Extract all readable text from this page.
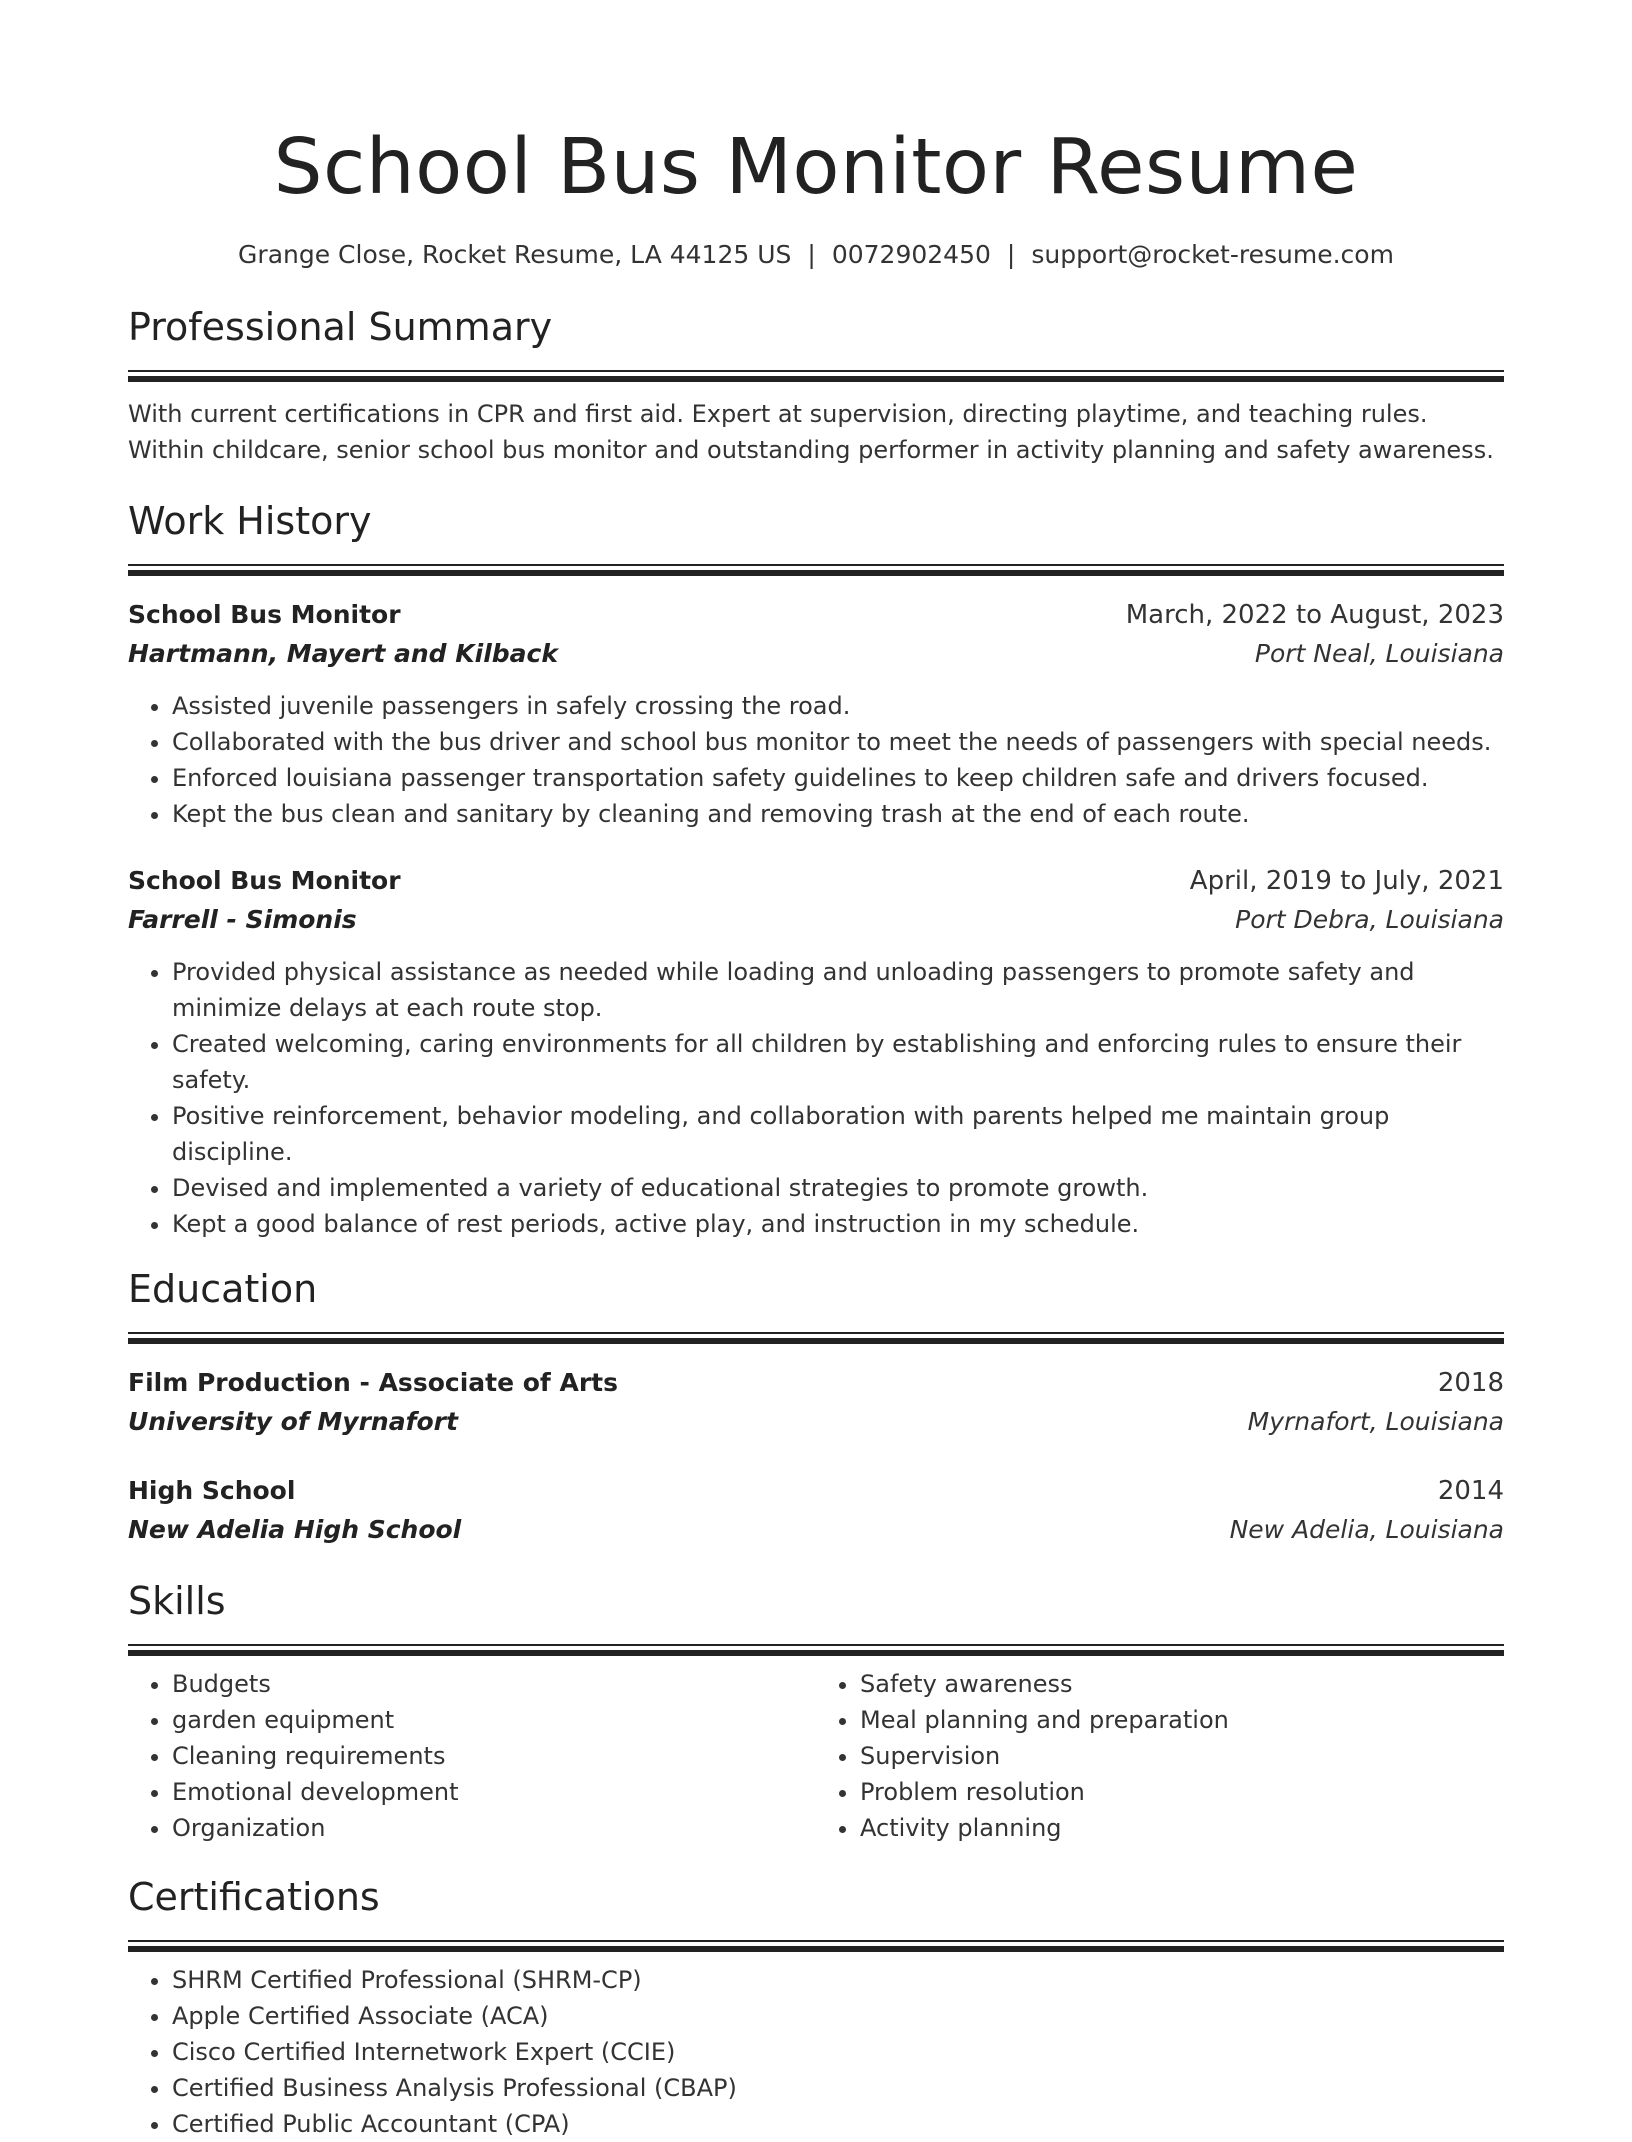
School Bus Monitor Resume
Grange Close, Rocket Resume, LA 44125 US | 0072902450 | support@rocket-resume.com
Professional Summary
With current certifications in CPR and first aid. Expert at supervision, directing playtime, and teaching rules. Within childcare, senior school bus monitor and outstanding performer in activity planning and safety awareness.
Work History
School Bus Monitor	March, 2022 to August, 2023
Hartmann, Mayert and Kilback	Port Neal, Louisiana
• Assisted juvenile passengers in safely crossing the road.
• Collaborated with the bus driver and school bus monitor to meet the needs of passengers with special needs.
• Enforced louisiana passenger transportation safety guidelines to keep children safe and drivers focused.
• Kept the bus clean and sanitary by cleaning and removing trash at the end of each route.
School Bus Monitor	April, 2019 to July, 2021
Farrell - Simonis	Port Debra, Louisiana
• Provided physical assistance as needed while loading and unloading passengers to promote safety and minimize delays at each route stop.
• Created welcoming, caring environments for all children by establishing and enforcing rules to ensure their safety.
• Positive reinforcement, behavior modeling, and collaboration with parents helped me maintain group discipline.
• Devised and implemented a variety of educational strategies to promote growth.
• Kept a good balance of rest periods, active play, and instruction in my schedule.
Education
Film Production - Associate of Arts	2018
University of Myrnafort	Myrnafort, Louisiana
High School	2014
New Adelia High School	New Adelia, Louisiana
Skills
• Budgets
• garden equipment
• Cleaning requirements
• Emotional development
• Organization
• Safety awareness
• Meal planning and preparation
• Supervision
• Problem resolution
• Activity planning
Certifications
• SHRM Certified Professional (SHRM-CP)
• Apple Certified Associate (ACA)
• Cisco Certified Internetwork Expert (CCIE)
• Certified Business Analysis Professional (CBAP)
• Certified Public Accountant (CPA)
